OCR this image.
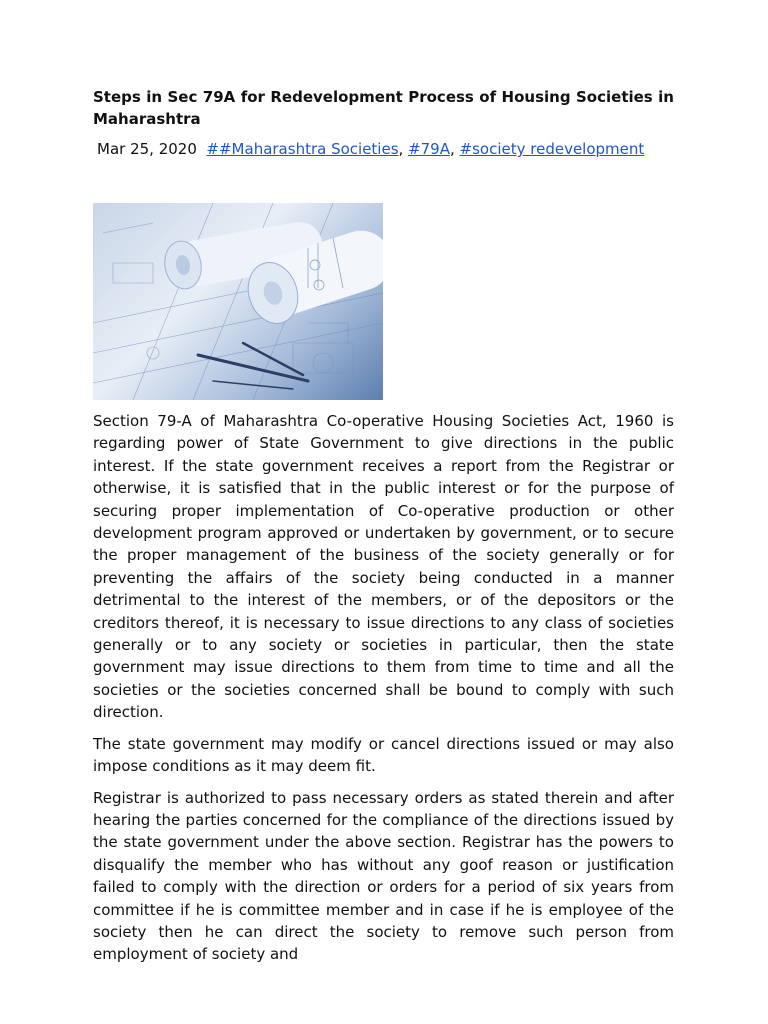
Steps in Sec 79A for Redevelopment Process of Housing Societies in Maharashtra
Mar 25, 2020 ##Maharashtra Societies, #79A, #society redevelopment

Section 79-A of Maharashtra Co-operative Housing Societies Act, 1960 is regarding power of State Government to give directions in the public interest. If the state government receives a report from the Registrar or otherwise, it is satisfied that in the public interest or for the purpose of securing proper implementation of Co-operative production or other development program approved or undertaken by government, or to secure the proper management of the business of the society generally or for preventing the affairs of the society being conducted in a manner detrimental to the interest of the members, or of the depositors or the creditors thereof, it is necessary to issue directions to any class of societies generally or to any society or societies in particular, then the state government may issue directions to them from time to time and all the societies or the societies concerned shall be bound to comply with such direction.

The state government may modify or cancel directions issued or may also impose conditions as it may deem fit.

Registrar is authorized to pass necessary orders as stated therein and after hearing the parties concerned for the compliance of the directions issued by the state government under the above section. Registrar has the powers to disqualify the member who has without any goof reason or justification failed to comply with the direction or orders for a period of six years from committee if he is committee member and in case if he is employee of the society then he can direct the society to remove such person from employment of society and
